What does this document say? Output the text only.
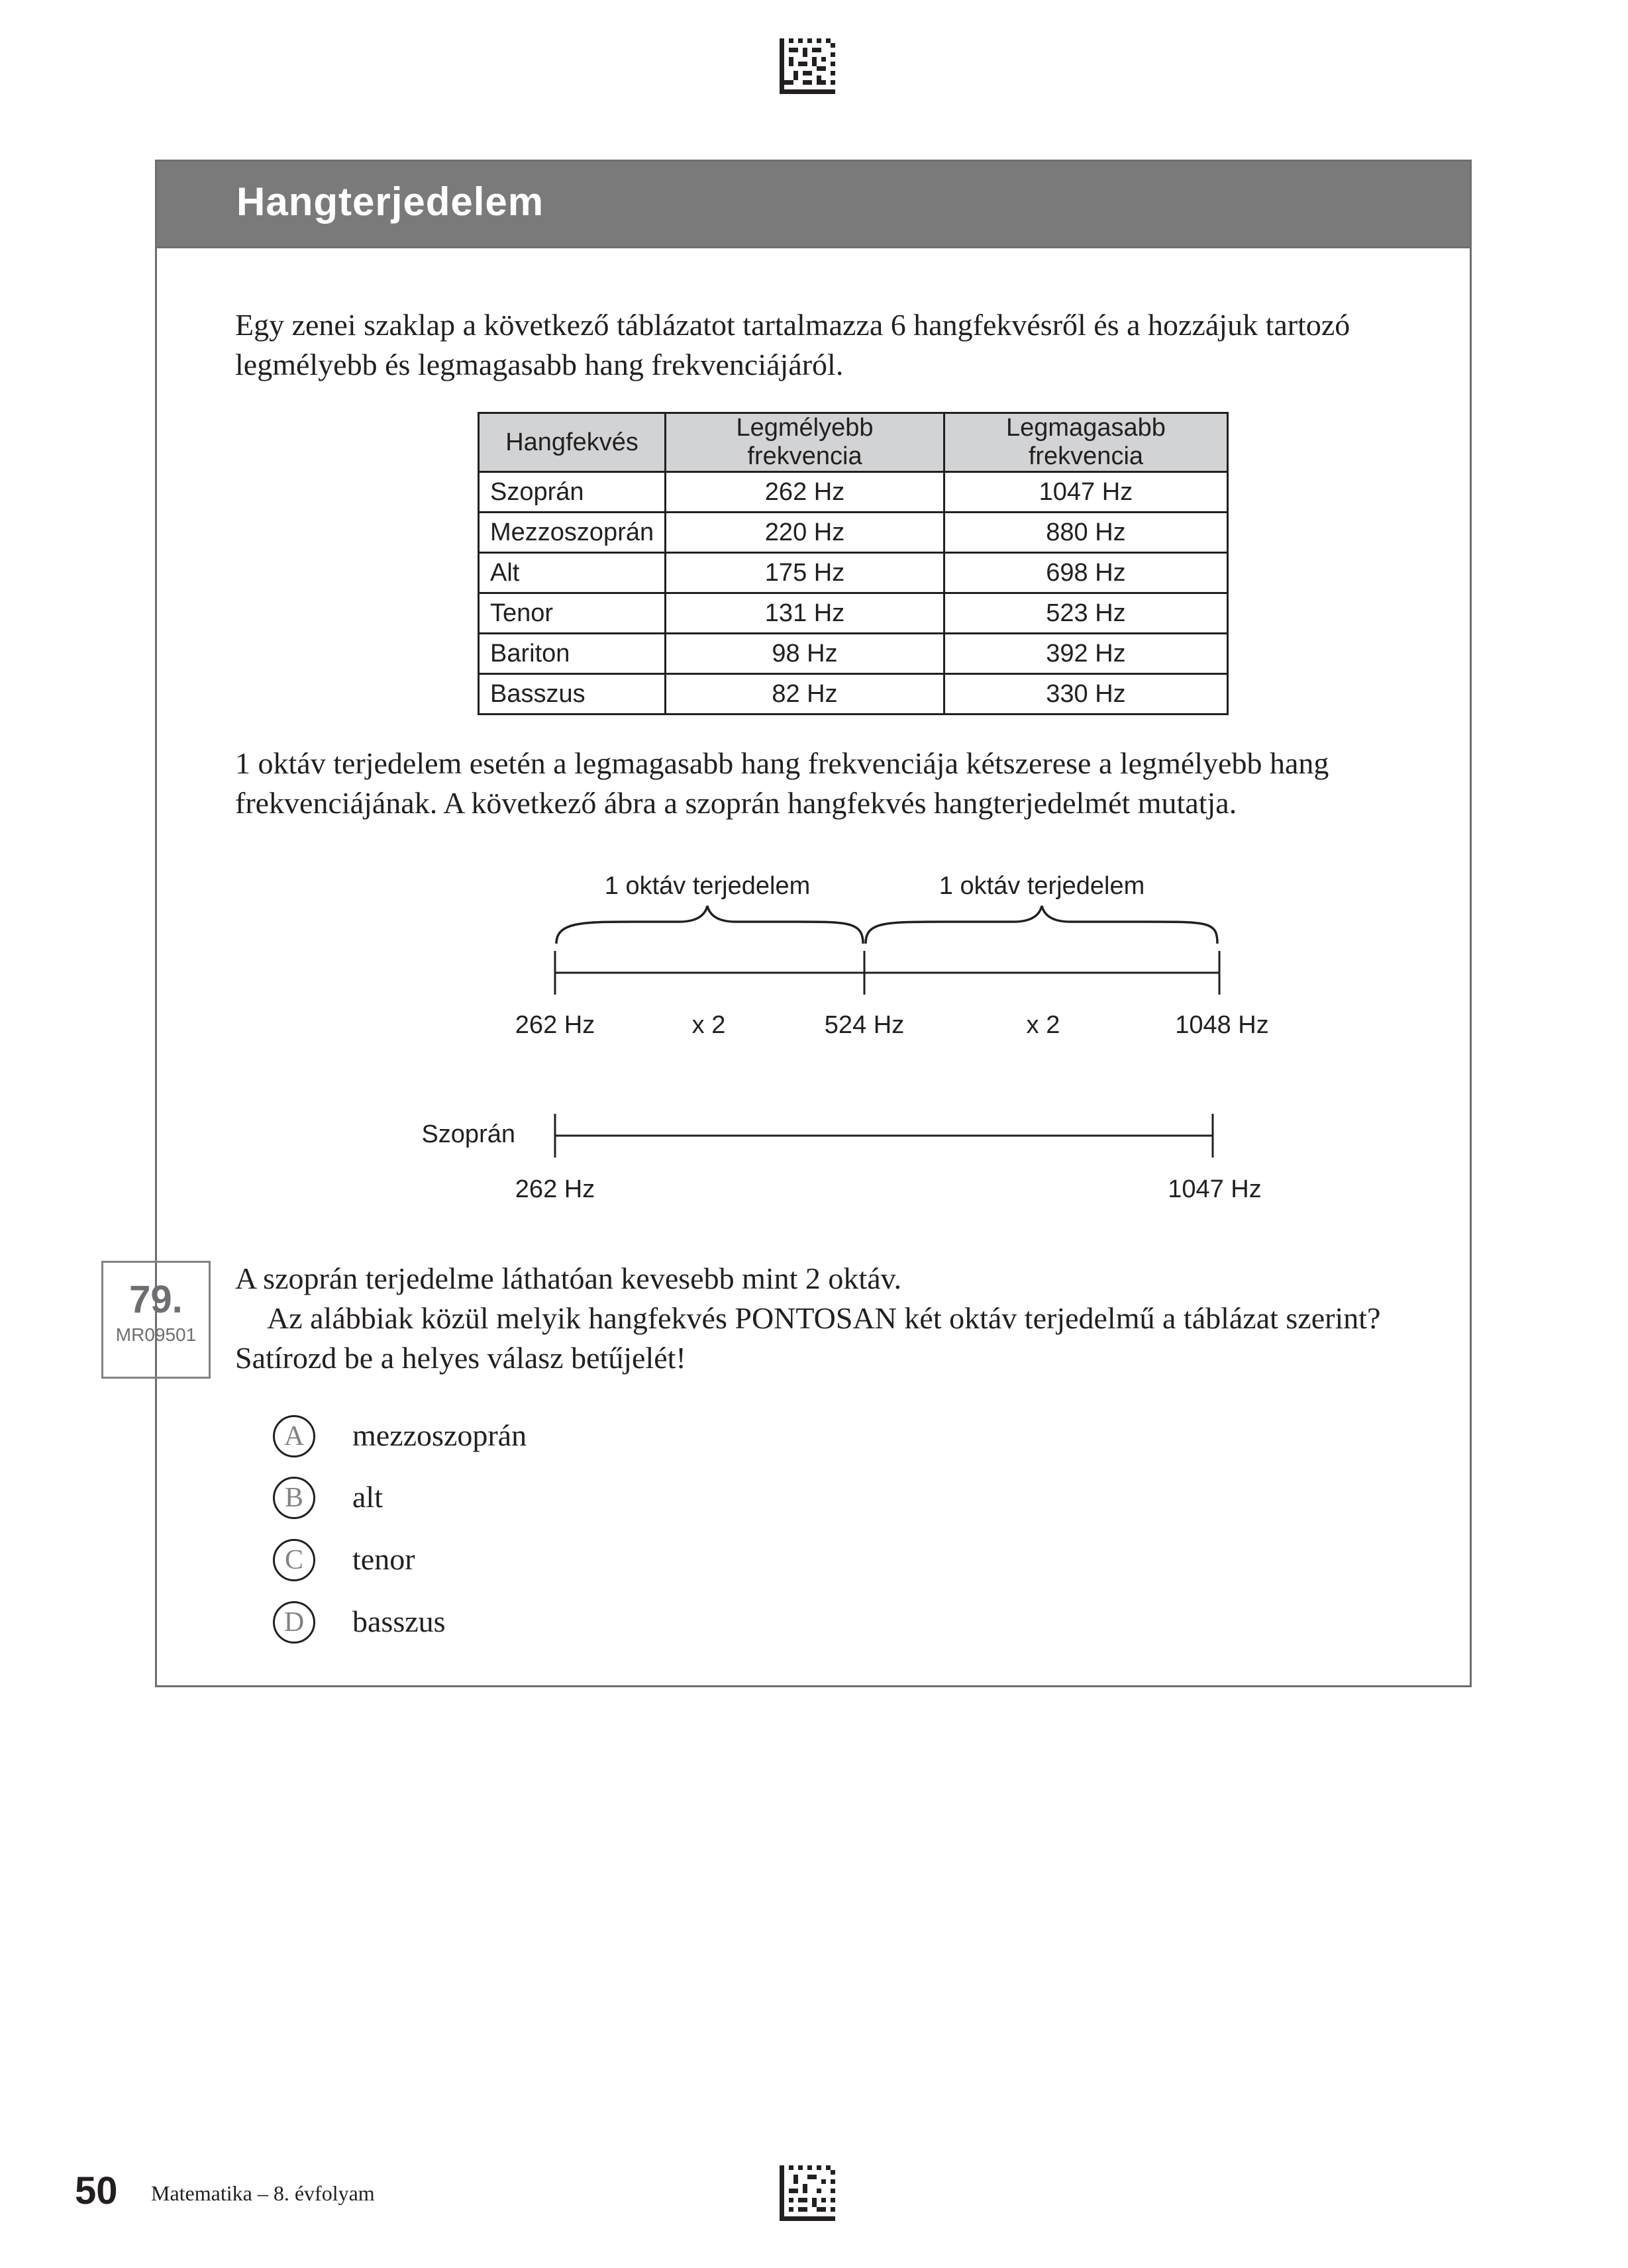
Hangterjedelem

Egy zenei szaklap a következő táblázatot tartalmazza 6 hangfekvésről és a hozzájuk tartozó legmélyebb és legmagasabb hang frekvenciájáról.

Hangfekvés	Legmélyebb frekvencia	Legmagasabb frekvencia
Szoprán	262 Hz	1047 Hz
Mezzoszoprán	220 Hz	880 Hz
Alt	175 Hz	698 Hz
Tenor	131 Hz	523 Hz
Bariton	98 Hz	392 Hz
Basszus	82 Hz	330 Hz

1 oktáv terjedelem esetén a legmagasabb hang frekvenciája kétszerese a legmélyebb hang frekvenciájának. A következő ábra a szoprán hangfekvés hangterjedelmét mutatja.

1 oktáv terjedelem	1 oktáv terjedelem
262 Hz	x 2	524 Hz	x 2	1048 Hz
Szoprán
262 Hz	1047 Hz
79.
MR09501
A szoprán terjedelme láthatóan kevesebb mint 2 oktáv.
Az alábbiak közül melyik hangfekvés PONTOSAN két oktáv terjedelmű a táblázat szerint?
Satírozd be a helyes válasz betűjelét!
A	mezzoszoprán
B	alt
C	tenor
D	basszus
50 Matematika – 8. évfolyam
